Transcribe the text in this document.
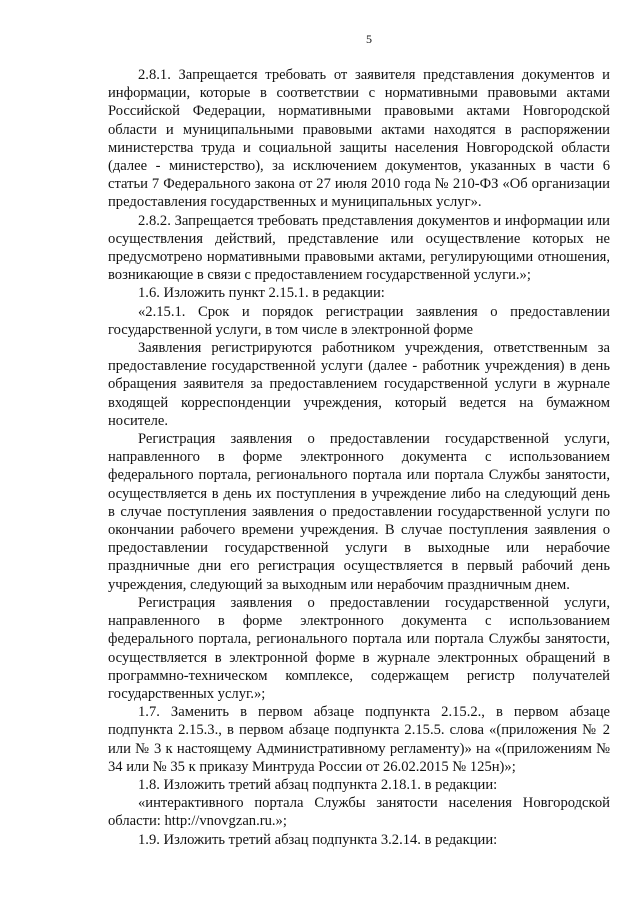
5

2.8.1. Запрещается требовать от заявителя представления документов и информации, которые в соответствии с нормативными правовыми актами Российской Федерации, нормативными правовыми актами Новгородской области и муниципальными правовыми актами находятся в распоряжении министерства труда и социальной защиты населения Новгородской области (далее - министерство), за исключением документов, указанных в части 6 статьи 7 Федерального закона от 27 июля 2010 года № 210-ФЗ «Об организации предоставления государственных и муниципальных услуг».

2.8.2. Запрещается требовать представления документов и информации или осуществления действий, представление или осуществление которых не предусмотрено нормативными правовыми актами, регулирующими отношения, возникающие в связи с предоставлением государственной услуги.»;

1.6. Изложить пункт 2.15.1. в редакции:

«2.15.1. Срок и порядок регистрации заявления о предоставлении государственной услуги, в том числе в электронной форме

Заявления регистрируются работником учреждения, ответственным за предоставление государственной услуги (далее - работник учреждения) в день обращения заявителя за предоставлением государственной услуги в журнале входящей корреспонденции учреждения, который ведется на бумажном носителе.

Регистрация заявления о предоставлении государственной услуги, направленного в форме электронного документа с использованием федерального портала, регионального портала или портала Службы занятости, осуществляется в день их поступления в учреждение либо на следующий день в случае поступления заявления о предоставлении государственной услуги по окончании рабочего времени учреждения. В случае поступления заявления о предоставлении государственной услуги в выходные или нерабочие праздничные дни его регистрация осуществляется в первый рабочий день учреждения, следующий за выходным или нерабочим праздничным днем.

Регистрация заявления о предоставлении государственной услуги, направленного в форме электронного документа с использованием федерального портала, регионального портала или портала Службы занятости, осуществляется в электронной форме в журнале электронных обращений в программно-техническом комплексе, содержащем регистр получателей государственных услуг.»;

1.7. Заменить в первом абзаце подпункта 2.15.2., в первом абзаце подпункта 2.15.3., в первом абзаце подпункта 2.15.5. слова «(приложения № 2 или № 3 к настоящему Административному регламенту)» на «(приложениям № 34 или № 35 к приказу Минтруда России от 26.02.2015 № 125н)»;

1.8. Изложить третий абзац подпункта 2.18.1. в редакции:

«интерактивного портала Службы занятости населения Новгородской области: http://vnovgzan.ru.»;

1.9. Изложить третий абзац подпункта 3.2.14. в редакции:
